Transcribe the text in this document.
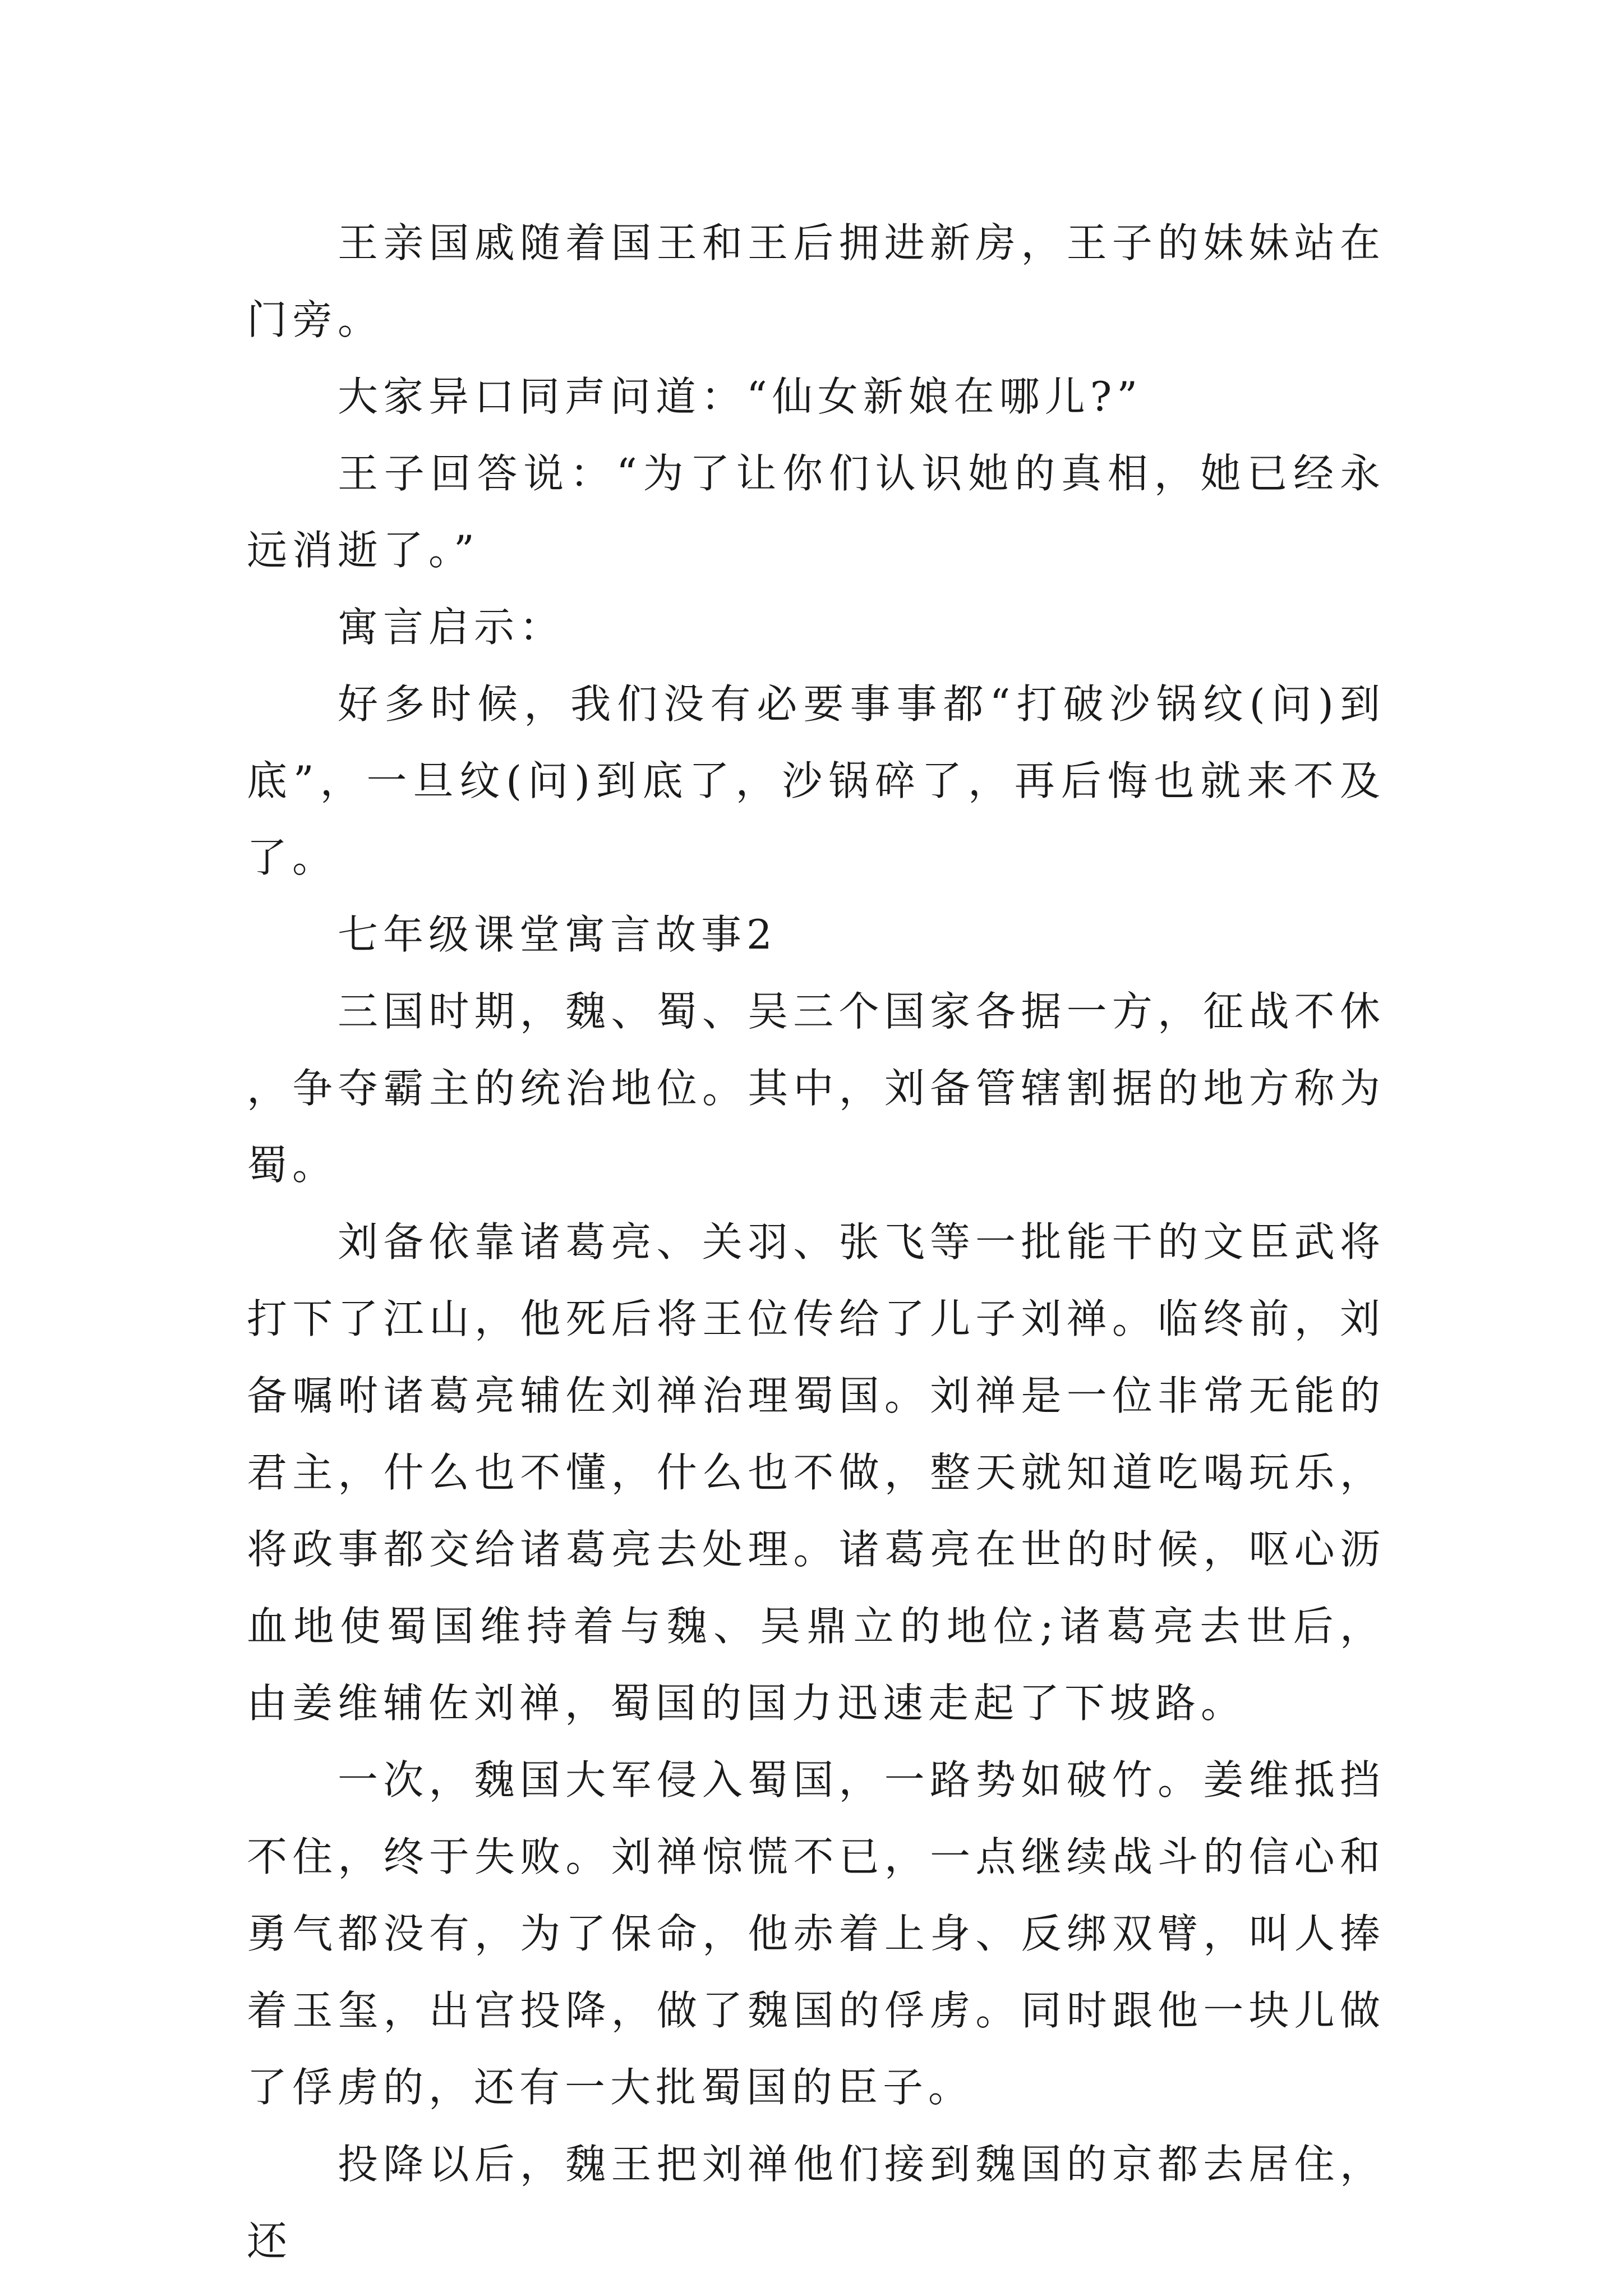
王亲国戚随着国王和王后拥进新房，王子的妹妹站在门旁。

大家异口同声问道：“仙女新娘在哪儿?”

王子回答说：“为了让你们认识她的真相，她已经永远消逝了。”

寓言启示：

好多时候，我们没有必要事事都“打破沙锅纹(问)到底”，一旦纹(问)到底了，沙锅碎了，再后悔也就来不及了。

七年级课堂寓言故事2

三国时期，魏、蜀、吴三个国家各据一方，征战不休，争夺霸主的统治地位。其中，刘备管辖割据的地方称为蜀。

刘备依靠诸葛亮、关羽、张飞等一批能干的文臣武将打下了江山，他死后将王位传给了儿子刘禅。临终前，刘备嘱咐诸葛亮辅佐刘禅治理蜀国。刘禅是一位非常无能的君主，什么也不懂，什么也不做，整天就知道吃喝玩乐，将政事都交给诸葛亮去处理。诸葛亮在世的时候，呕心沥血地使蜀国维持着与魏、吴鼎立的地位;诸葛亮去世后，由姜维辅佐刘禅，蜀国的国力迅速走起了下坡路。

一次，魏国大军侵入蜀国，一路势如破竹。姜维抵挡不住，终于失败。刘禅惊慌不已，一点继续战斗的信心和勇气都没有，为了保命，他赤着上身、反绑双臂，叫人捧着玉玺，出宫投降，做了魏国的俘虏。同时跟他一块儿做了俘虏的，还有一大批蜀国的臣子。

投降以后，魏王把刘禅他们接到魏国的京都去居住，还
